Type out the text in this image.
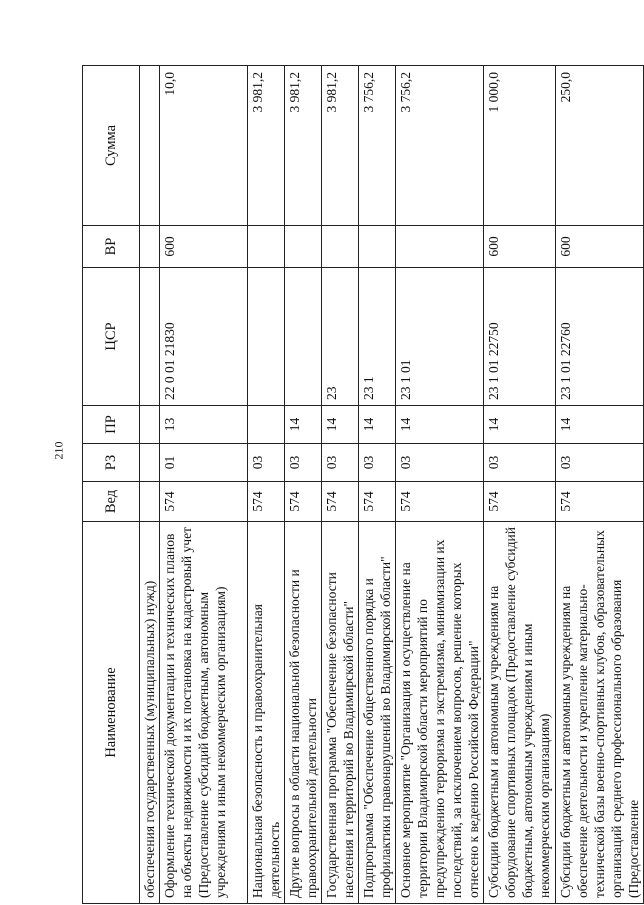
210
Наименование	Вед	РЗ	ПР	ЦСР	ВР	Сумма
обеспечения государственных (муниципальных) нужд)						
Оформление технической документации и технических планов на объекты недвижимости и их постановка на кадастровый учет (Предоставление субсидий бюджетным, автономным учреждениям и иным некоммерческим организациям)	574	01	13	22 0 01 21830	600	10,0
Национальная безопасность и правоохранительная деятельность	574	03				3 981,2
Другие вопросы в области национальной безопасности и правоохранительной деятельности	574	03	14			3 981,2
Государственная программа "Обеспечение безопасности населения и территорий во Владимирской области"	574	03	14	23		3 981,2
Подпрограмма "Обеспечение общественного порядка и профилактики правонарушений во Владимирской области"	574	03	14	23 1		3 756,2
Основное мероприятие "Организация и осуществление на территории Владимирской области мероприятий по предупреждению терроризма и экстремизма, минимизации их последствий, за исключением вопросов, решение которых отнесено к ведению Российской Федерации"	574	03	14	23 1 01		3 756,2
Субсидии бюджетным и автономным учреждениям на оборудование спортивных площадок (Предоставление субсидий бюджетным, автономным учреждениям и иным некоммерческим организациям)	574	03	14	23 1 01 22750	600	1 000,0
Субсидии бюджетным и автономным учреждениям на обеспечение деятельности и укрепление материально-технической базы военно-спортивных клубов, образовательных организаций среднего профессионального образования (Предоставление	574	03	14	23 1 01 22760	600	250,0
